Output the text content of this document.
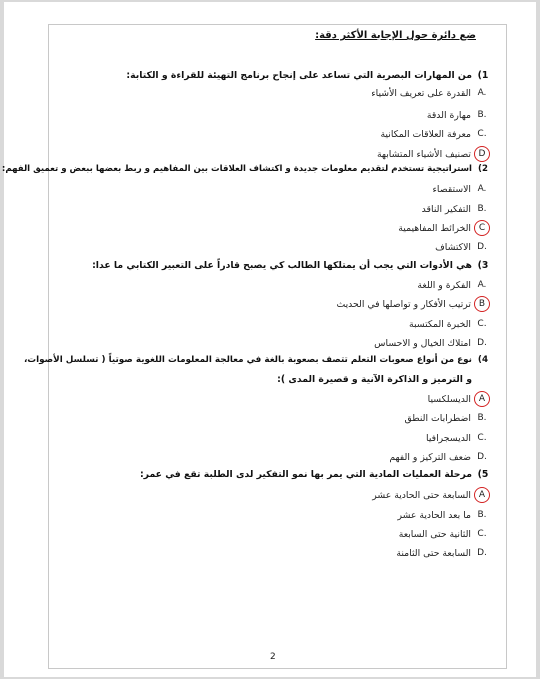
ضع دائرة حول الإجابة الأكثر دقة:
1)من المهارات البصرية التي تساعد على إنجاح برنامج التهيئة للقراءة و الكتابة:
A.
القدرة على تعريف الأشياء
B.
مهارة الدقة
C.
معرفة العلاقات المكانية
D
تصنيف الأشياء المتشابهة
2)استراتيجية تستخدم لتقديم معلومات جديدة و اكتشاف العلاقات بين المفاهيم و ربط بعضها ببعض و تعميق الفهم:
A.
الاستقصاء
B.
التفكير الناقد
C
الخرائط المفاهيمية
D.
الاكتشاف
3)هي الأدوات التي يجب أن يمتلكها الطالب كي يصبح قادراً على التعبير الكتابي ما عدا:
A.
الفكرة و اللغة
B
ترتيب الأفكار و تواصلها في الحديث
C.
الخبرة المكتسبة
D.
امتلاك الخيال و الاحساس
4)نوع من أنواع صعوبات التعلم تتصف بصعوبة بالغة في معالجة المعلومات اللغوية صوتياً ( تسلسل الأصوات،
و الترميز و الذاكرة الآنية و قصيرة المدى ):
A
الديسلكسيا
B.
اضطرابات النطق
C.
الديسجرافيا
D.
ضعف التركيز و الفهم
5)مرحلة العمليات المادية التي يمر بها نمو التفكير لدى الطلبة تقع في عمر:
A
السابعة حتى الحادية عشر
B.
ما بعد الحادية عشر
C.
الثانية حتى السابعة
D.
السابعة حتى الثامنة
2
